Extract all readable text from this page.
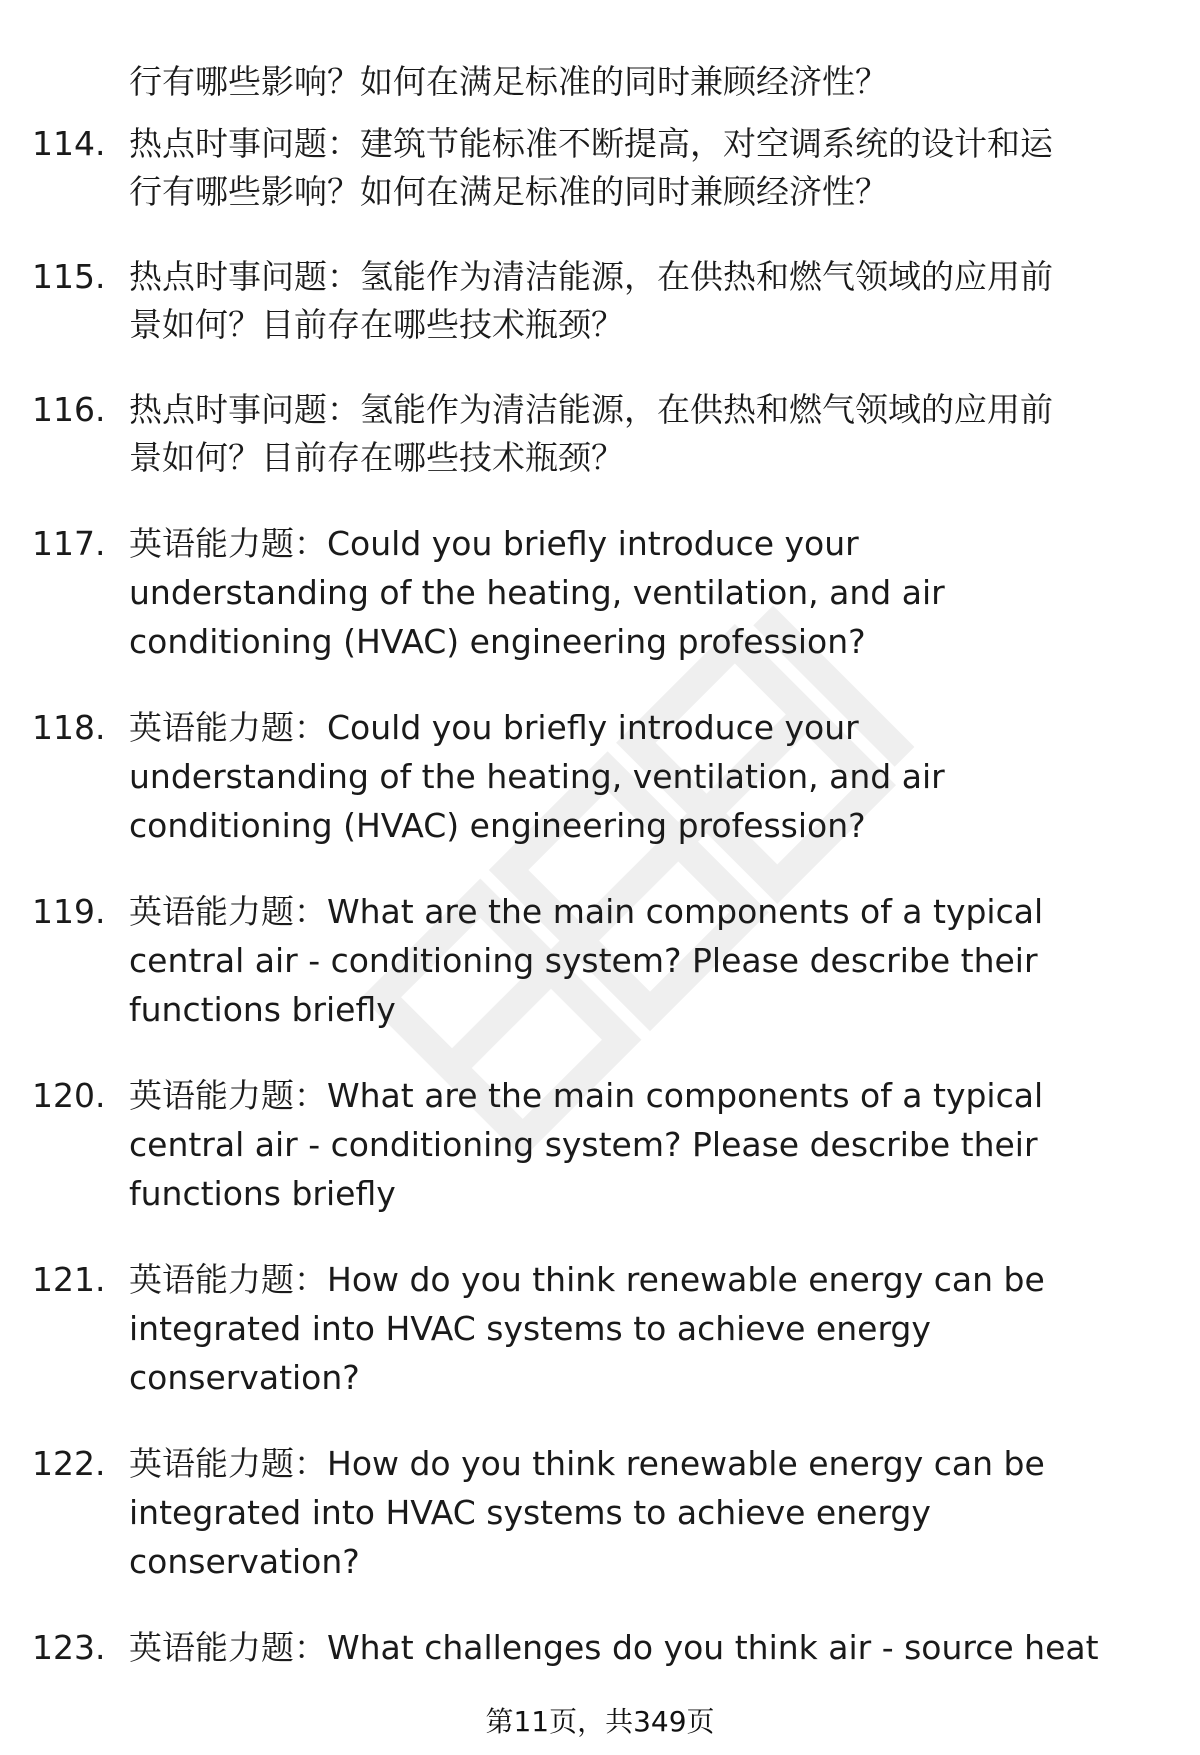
行有哪些影响？如何在满足标准的同时兼顾经济性？
114. 热点时事问题：建筑节能标准不断提高，对空调系统的设计和运
行有哪些影响？如何在满足标准的同时兼顾经济性？
115. 热点时事问题：氢能作为清洁能源，在供热和燃气领域的应用前
景如何？目前存在哪些技术瓶颈？
116. 热点时事问题：氢能作为清洁能源，在供热和燃气领域的应用前
景如何？目前存在哪些技术瓶颈？
117. 英语能力题：Could you briefly introduce your
understanding of the heating, ventilation, and air
conditioning (HVAC) engineering profession?
118. 英语能力题：Could you briefly introduce your
understanding of the heating, ventilation, and air
conditioning (HVAC) engineering profession?
119. 英语能力题：What are the main components of a typical
central air - conditioning system? Please describe their
functions briefly
120. 英语能力题：What are the main components of a typical
central air - conditioning system? Please describe their
functions briefly
121. 英语能力题：How do you think renewable energy can be
integrated into HVAC systems to achieve energy
conservation?
122. 英语能力题：How do you think renewable energy can be
integrated into HVAC systems to achieve energy
conservation?
123. 英语能力题：What challenges do you think air - source heat
第11页，共349页
